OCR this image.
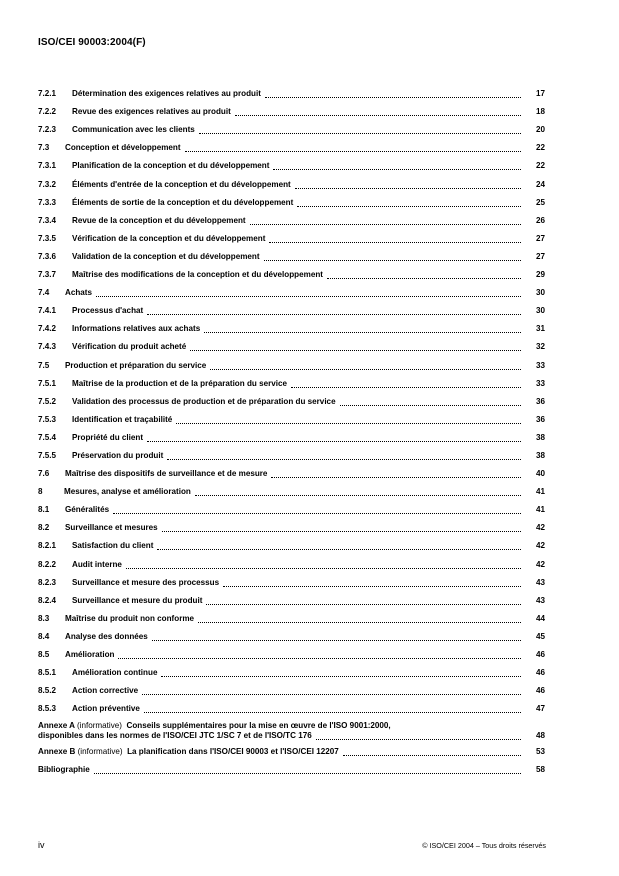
ISO/CEI 90003:2004(F)
7.2.1	Détermination des exigences relatives au produit	17
7.2.2	Revue des exigences relatives au produit	18
7.2.3	Communication avec les clients	20
7.3	Conception et développement	22
7.3.1	Planification de la conception et du développement	22
7.3.2	Éléments d'entrée de la conception et du développement	24
7.3.3	Éléments de sortie de la conception et du développement	25
7.3.4	Revue de la conception et du développement	26
7.3.5	Vérification de la conception et du développement	27
7.3.6	Validation de la conception et du développement	27
7.3.7	Maîtrise des modifications de la conception et du développement	29
7.4	Achats	30
7.4.1	Processus d'achat	30
7.4.2	Informations relatives aux achats	31
7.4.3	Vérification du produit acheté	32
7.5	Production et préparation du service	33
7.5.1	Maîtrise de la production et de la préparation du service	33
7.5.2	Validation des processus de production et de préparation du service	36
7.5.3	Identification et traçabilité	36
7.5.4	Propriété du client	38
7.5.5	Préservation du produit	38
7.6	Maîtrise des dispositifs de surveillance et de mesure	40
8	Mesures, analyse et amélioration	41
8.1	Généralités	41
8.2	Surveillance et mesures	42
8.2.1	Satisfaction du client	42
8.2.2	Audit interne	42
8.2.3	Surveillance et mesure des processus	43
8.2.4	Surveillance et mesure du produit	43
8.3	Maîtrise du produit non conforme	44
8.4	Analyse des données	45
8.5	Amélioration	46
8.5.1	Amélioration continue	46
8.5.2	Action corrective	46
8.5.3	Action préventive	47
Annexe A (informative) Conseils supplémentaires pour la mise en œuvre de l'ISO 9001:2000,
disponibles dans les normes de l'ISO/CEI JTC 1/SC 7 et de l'ISO/TC 176	48
Annexe B (informative) La planification dans l'ISO/CEI 90003 et l'ISO/CEI 12207	53
Bibliographie	58
iv	© ISO/CEI 2004 – Tous droits réservés
